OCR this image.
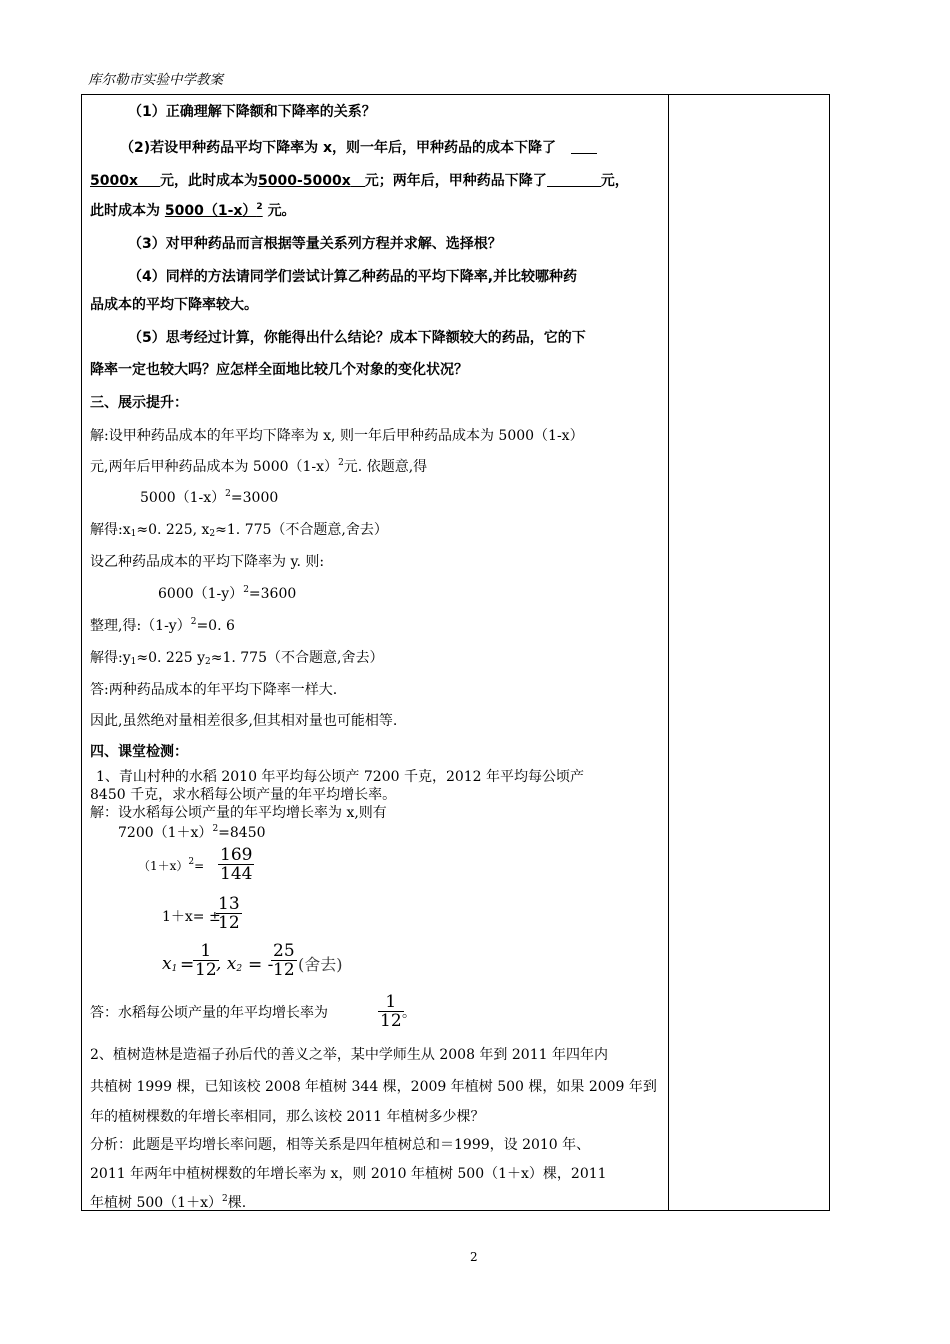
库尔勒市实验中学教案
（1）正确理解下降额和下降率的关系？
（2)若设甲种药品平均下降率为 x，则一年后，甲种药品的成本下降了
5000x 元，此时成本为5000-5000x 元；两年后，甲种药品下降了	元，
此时成本为 $5000(1-x)^2$ 元。
（3）对甲种药品而言根据等量关系列方程并求解、选择根？
（4）同样的方法请同学们尝试计算乙种药品的平均下降率,并比较哪种药
品成本的平均下降率较大。
（5）思考经过计算，你能得出什么结论？成本下降额较大的药品，它的下
降率一定也较大吗？应怎样全面地比较几个对象的变化状况？
三、展示提升：
解:设甲种药品成本的年平均下降率为 x, 则一年后甲种药品成本为 5000（1-x）
元,两年后甲种药品成本为 $5000(1-x)^2$元. 依题意,得
$5000(1-x)^2=3000$
解得$:x_1\approx 0$. 225, $x_2\approx 1$. 775（不合题意,舍去）
设乙种药品成本的平均下降率为 y. 则:
$6000(1-y)^2=3600$
整理,得$:(1-y)^2=0$. 6
解得$:y_1\approx 0$. 225 $y_2\approx 1$. 775（不合题意,舍去）
答:两种药品成本的年平均下降率一样大.
因此,虽然绝对量相差很多,但其相对量也可能相等.
四、课堂检测：
1、青山村种的水稻 2010 年平均每公顷产 7200 千克，2012 年平均每公顷产
8450 千克，求水稻每公顷产量的年平均增长率。
解：设水稻每公顷产量的年平均增长率为 x,则有
$7200(1+x)^2=8450$
$(1+x)^2=$
169
144
1＋x= ±
13
12
$x_1$ =
1
12 , $x_2$ = -
25
12 (舍去)
答：水稻每公顷产量的年平均增长率为
1
12 。
2、植树造林是造福子孙后代的善义之举，某中学师生从 2008 年到 2011 年四年内
共植树 1999 棵，已知该校 2008 年植树 344 棵，2009 年植树 500 棵，如果 2009 年到
年的植树棵数的年增长率相同，那么该校 2011 年植树多少棵？
分析：此题是平均增长率问题，相等关系是四年植树总和＝1999，设 2010 年、
2011 年两年中植树棵数的年增长率为 x，则 2010 年植树 500（1＋x）棵，2011
年植树 $500(1+x)^2$棵.
2
